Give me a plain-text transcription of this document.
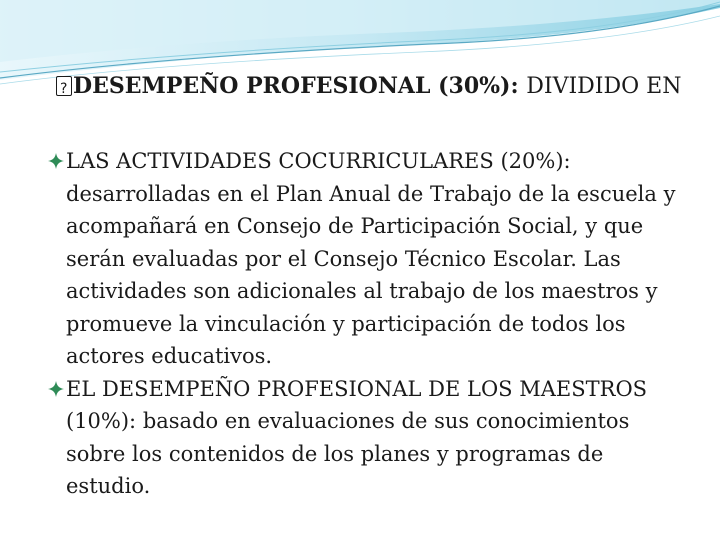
?DESEMPEÑO PROFESIONAL (30%): DIVIDIDO EN
LAS ACTIVIDADES COCURRICULARES (20%): desarrolladas en el Plan Anual de Trabajo de la escuela y acompañará en Consejo de Participación Social, y que serán evaluadas por el Consejo Técnico Escolar. Las actividades son adicionales al trabajo de los maestros y promueve la vinculación y participación de todos los actores educativos.
EL DESEMPEÑO PROFESIONAL DE LOS MAESTROS (10%): basado en evaluaciones de sus conocimientos sobre los contenidos de los planes y programas de estudio.
